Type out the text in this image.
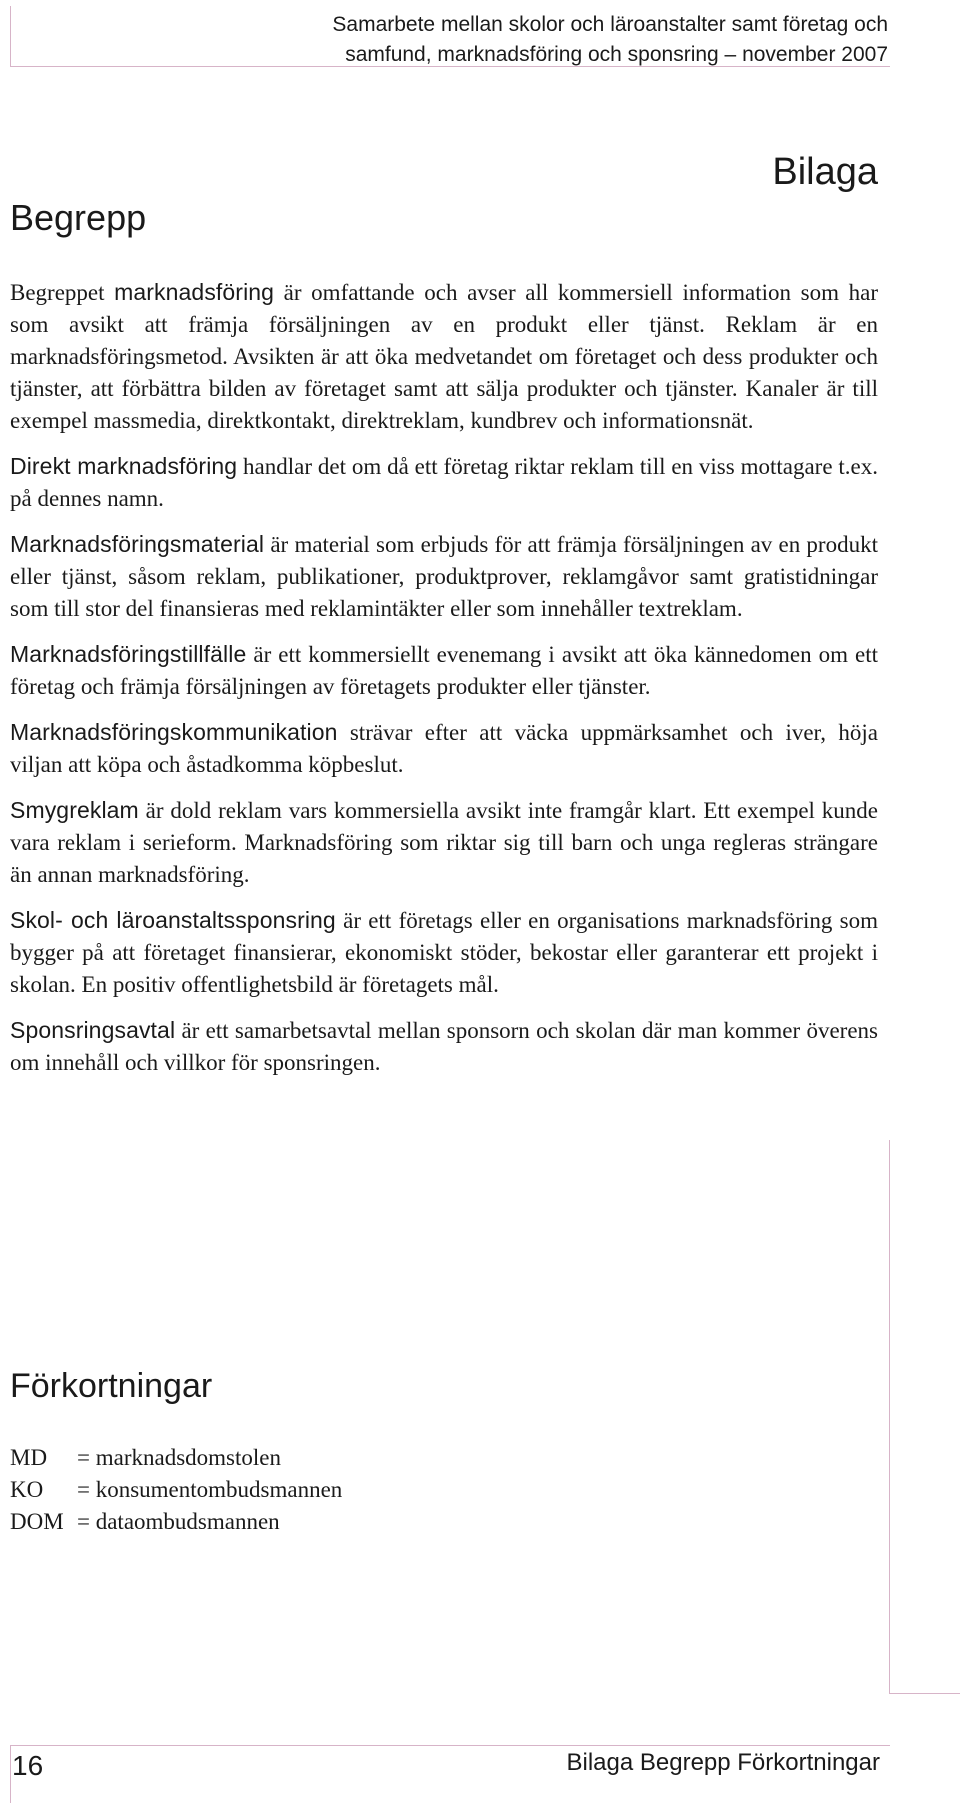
Samarbete mellan skolor och läroanstalter samt företag och
samfund, marknadsföring och sponsring – november 2007
Bilaga
Begrepp

Begreppet marknadsföring är omfattande och avser all kommersiell information som har som avsikt att främja försäljningen av en produkt eller tjänst. Reklam är en marknadsföringsmetod. Avsikten är att öka medvetandet om företaget och dess produkter och tjänster, att förbättra bilden av företaget samt att sälja produkter och tjänster. Kanaler är till exempel massmedia, direktkontakt, direktreklam, kundbrev och informationsnät.

Direkt marknadsföring handlar det om då ett företag riktar reklam till en viss mottagare t.ex. på dennes namn.

Marknadsföringsmaterial är material som erbjuds för att främja försäljningen av en produkt eller tjänst, såsom reklam, publikationer, produktprover, reklamgåvor samt gratistidningar som till stor del finansieras med reklamintäkter eller som innehåller textreklam.

Marknadsföringstillfälle är ett kommersiellt evenemang i avsikt att öka kännedomen om ett företag och främja försäljningen av företagets produkter eller tjänster.

Marknadsföringskommunikation strävar efter att väcka uppmärksamhet och iver, höja viljan att köpa och åstadkomma köpbeslut.

Smygreklam är dold reklam vars kommersiella avsikt inte framgår klart. Ett exempel kunde vara reklam i serieform. Marknadsföring som riktar sig till barn och unga regleras strängare än annan marknadsföring.

Skol- och läroanstaltssponsring är ett företags eller en organisations marknadsföring som bygger på att företaget finansierar, ekonomiskt stöder, bekostar eller garanterar ett projekt i skolan. En positiv offentlighetsbild är företagets mål.

Sponsringsavtal är ett samarbetsavtal mellan sponsorn och skolan där man kommer överens om innehåll och villkor för sponsringen.

Förkortningar
MD	= marknadsdomstolen
KO	= konsumentombudsmannen
DOM = dataombudsmannen
16	Bilaga Begrepp Förkortningar
